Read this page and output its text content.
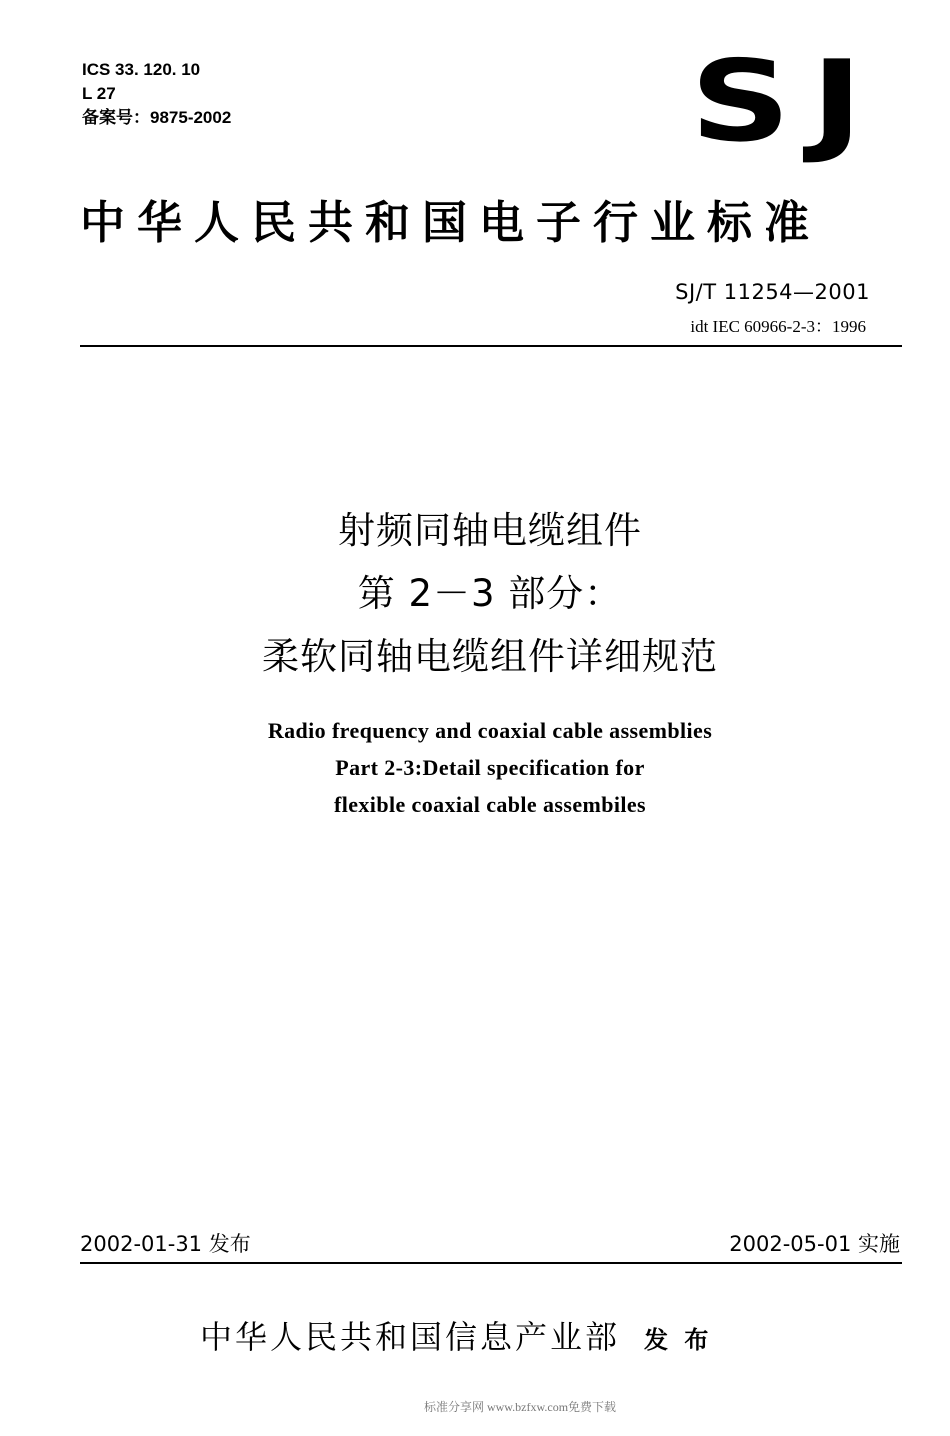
ICS 33. 120. 10
L 27
备案号：9875-2002	SJ
中华人民共和国电子行业标准
SJ/T 11254—2001
idt IEC 60966-2-3：1996
射频同轴电缆组件
第 2－3 部分：
柔软同轴电缆组件详细规范
Radio frequency and coaxial cable assemblies
Part 2-3:Detail specification for
flexible coaxial cable assembiles
2002-01-31 发布	2002-05-01 实施
中华人民共和国信息产业部 发 布
标准分享网 www.bzfxw.com免费下载
